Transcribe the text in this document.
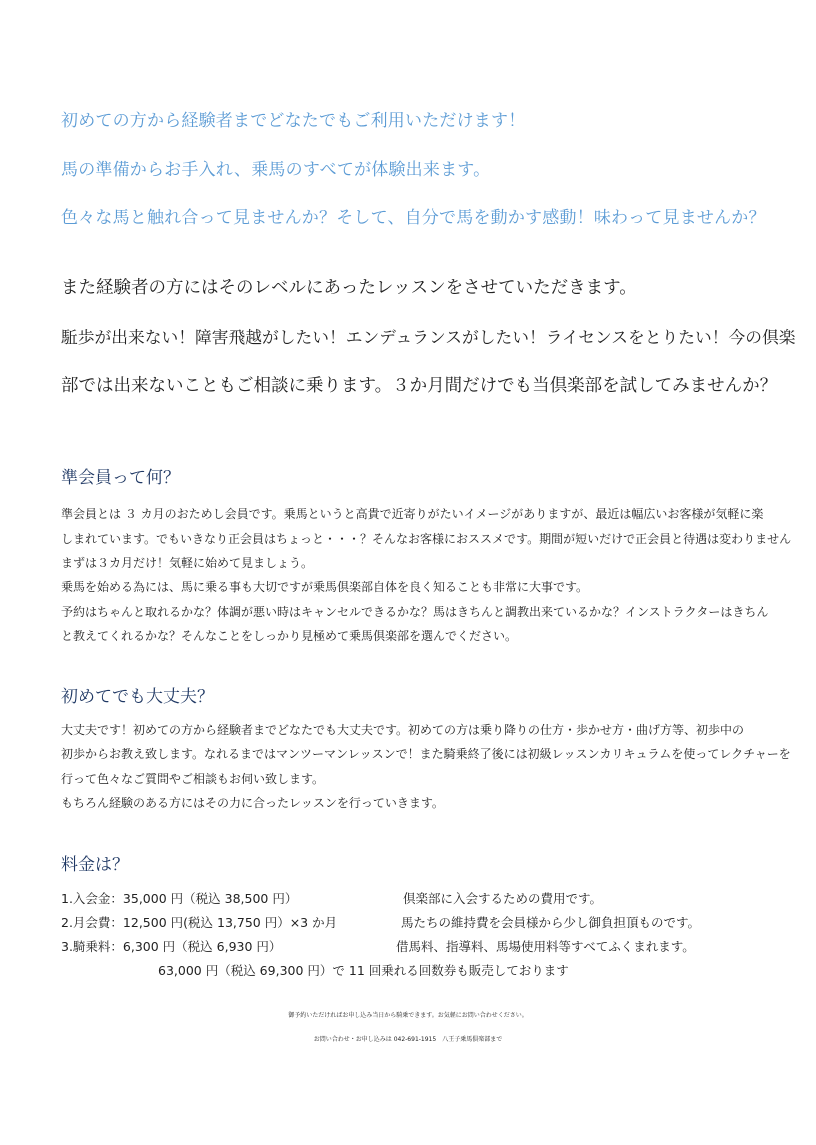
初めての方から経験者までどなたでもご利用いただけます！
馬の準備からお手入れ、乗馬のすべてが体験出来ます。
色々な馬と触れ合って見ませんか？そして、自分で馬を動かす感動！味わって見ませんか？
また経験者の方にはそのレベルにあったレッスンをさせていただきます。
駈歩が出来ない！障害飛越がしたい！エンデュランスがしたい！ライセンスをとりたい！今の倶楽
部では出来ないこともご相談に乗ります。３か月間だけでも当倶楽部を試してみませんか？
準会員って何？
準会員とは ３ カ月のおためし会員です。乗馬というと高貴で近寄りがたいイメージがありますが、最近は幅広いお客様が気軽に楽
しまれています。でもいきなり正会員はちょっと・・・？そんなお客様におススメです。期間が短いだけで正会員と待遇は変わりません
まずは３カ月だけ！気軽に始めて見ましょう。
乗馬を始める為には、馬に乗る事も大切ですが乗馬倶楽部自体を良く知ることも非常に大事です。
予約はちゃんと取れるかな？体調が悪い時はキャンセルできるかな？馬はきちんと調教出来ているかな？インストラクターはきちん
と教えてくれるかな？そんなことをしっかり見極めて乗馬倶楽部を選んでください。
初めてでも大丈夫？
大丈夫です！初めての方から経験者までどなたでも大丈夫です。初めての方は乗り降りの仕方・歩かせ方・曲げ方等、初歩中の
初歩からお教え致します。なれるまではマンツーマンレッスンで！また騎乗終了後には初級レッスンカリキュラムを使ってレクチャーを
行って色々なご質問やご相談もお伺い致します。
もちろん経験のある方にはその力に合ったレッスンを行っていきます。
料金は？
1.入会金：35,000 円（税込 38,500 円）	倶楽部に入会するための費用です。
2.月会費：12,500 円(税込 13,750 円）×3 か月	馬たちの維持費を会員様から少し御負担頂ものです。
3.騎乗料：6,300 円（税込 6,930 円）	借馬料、指導料、馬場使用料等すべてふくまれます。
63,000 円（税込 69,300 円）で 11 回乗れる回数券も販売しております
御予約いただければお申し込み当日から騎乗できます。お気軽にお問い合わせください。
お問い合わせ・お申し込みは 042-691-1915　八王子乗馬倶楽部まで
